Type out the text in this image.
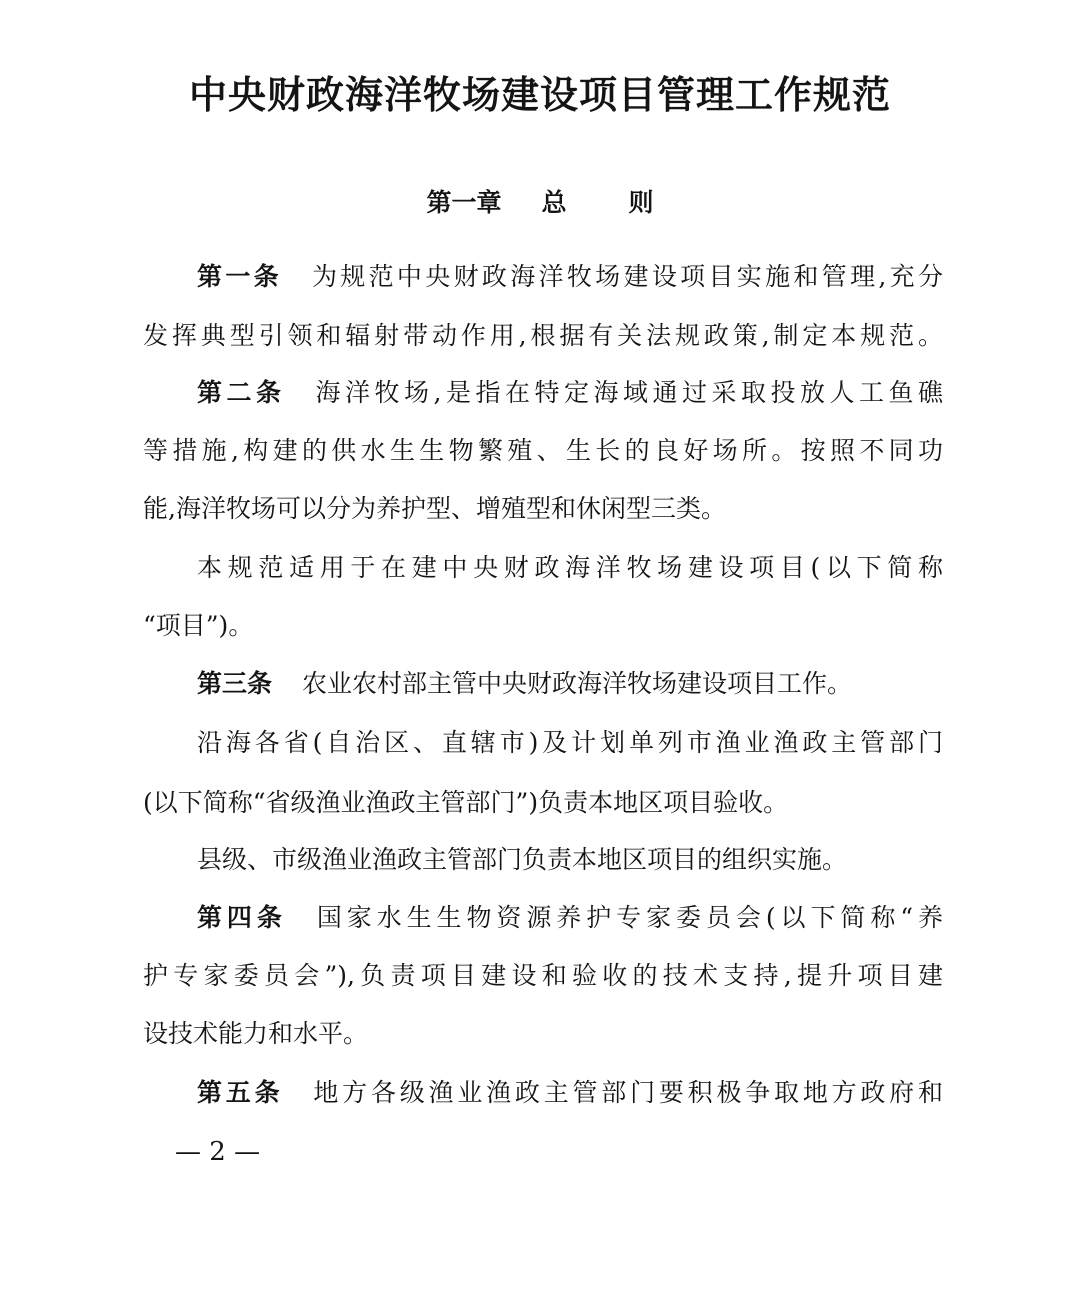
中央财政海洋牧场建设项目管理工作规范
第一章 总 则
第一条 为规范中央财政海洋牧场建设项目实施和管理,充分
发挥典型引领和辐射带动作用,根据有关法规政策,制定本规范。
第二条 海洋牧场,是指在特定海域通过采取投放人工鱼礁
等措施,构建的供水生生物繁殖、生长的良好场所。按照不同功
能,海洋牧场可以分为养护型、增殖型和休闲型三类。
本规范适用于在建中央财政海洋牧场建设项目(以下简称
“项目”)。
第三条 农业农村部主管中央财政海洋牧场建设项目工作。
沿海各省(自治区、直辖市)及计划单列市渔业渔政主管部门
(以下简称“省级渔业渔政主管部门”)负责本地区项目验收。
县级、市级渔业渔政主管部门负责本地区项目的组织实施。
第四条 国家水生生物资源养护专家委员会(以下简称“养
护专家委员会”),负责项目建设和验收的技术支持,提升项目建
设技术能力和水平。
第五条 地方各级渔业渔政主管部门要积极争取地方政府和
— 2 —
